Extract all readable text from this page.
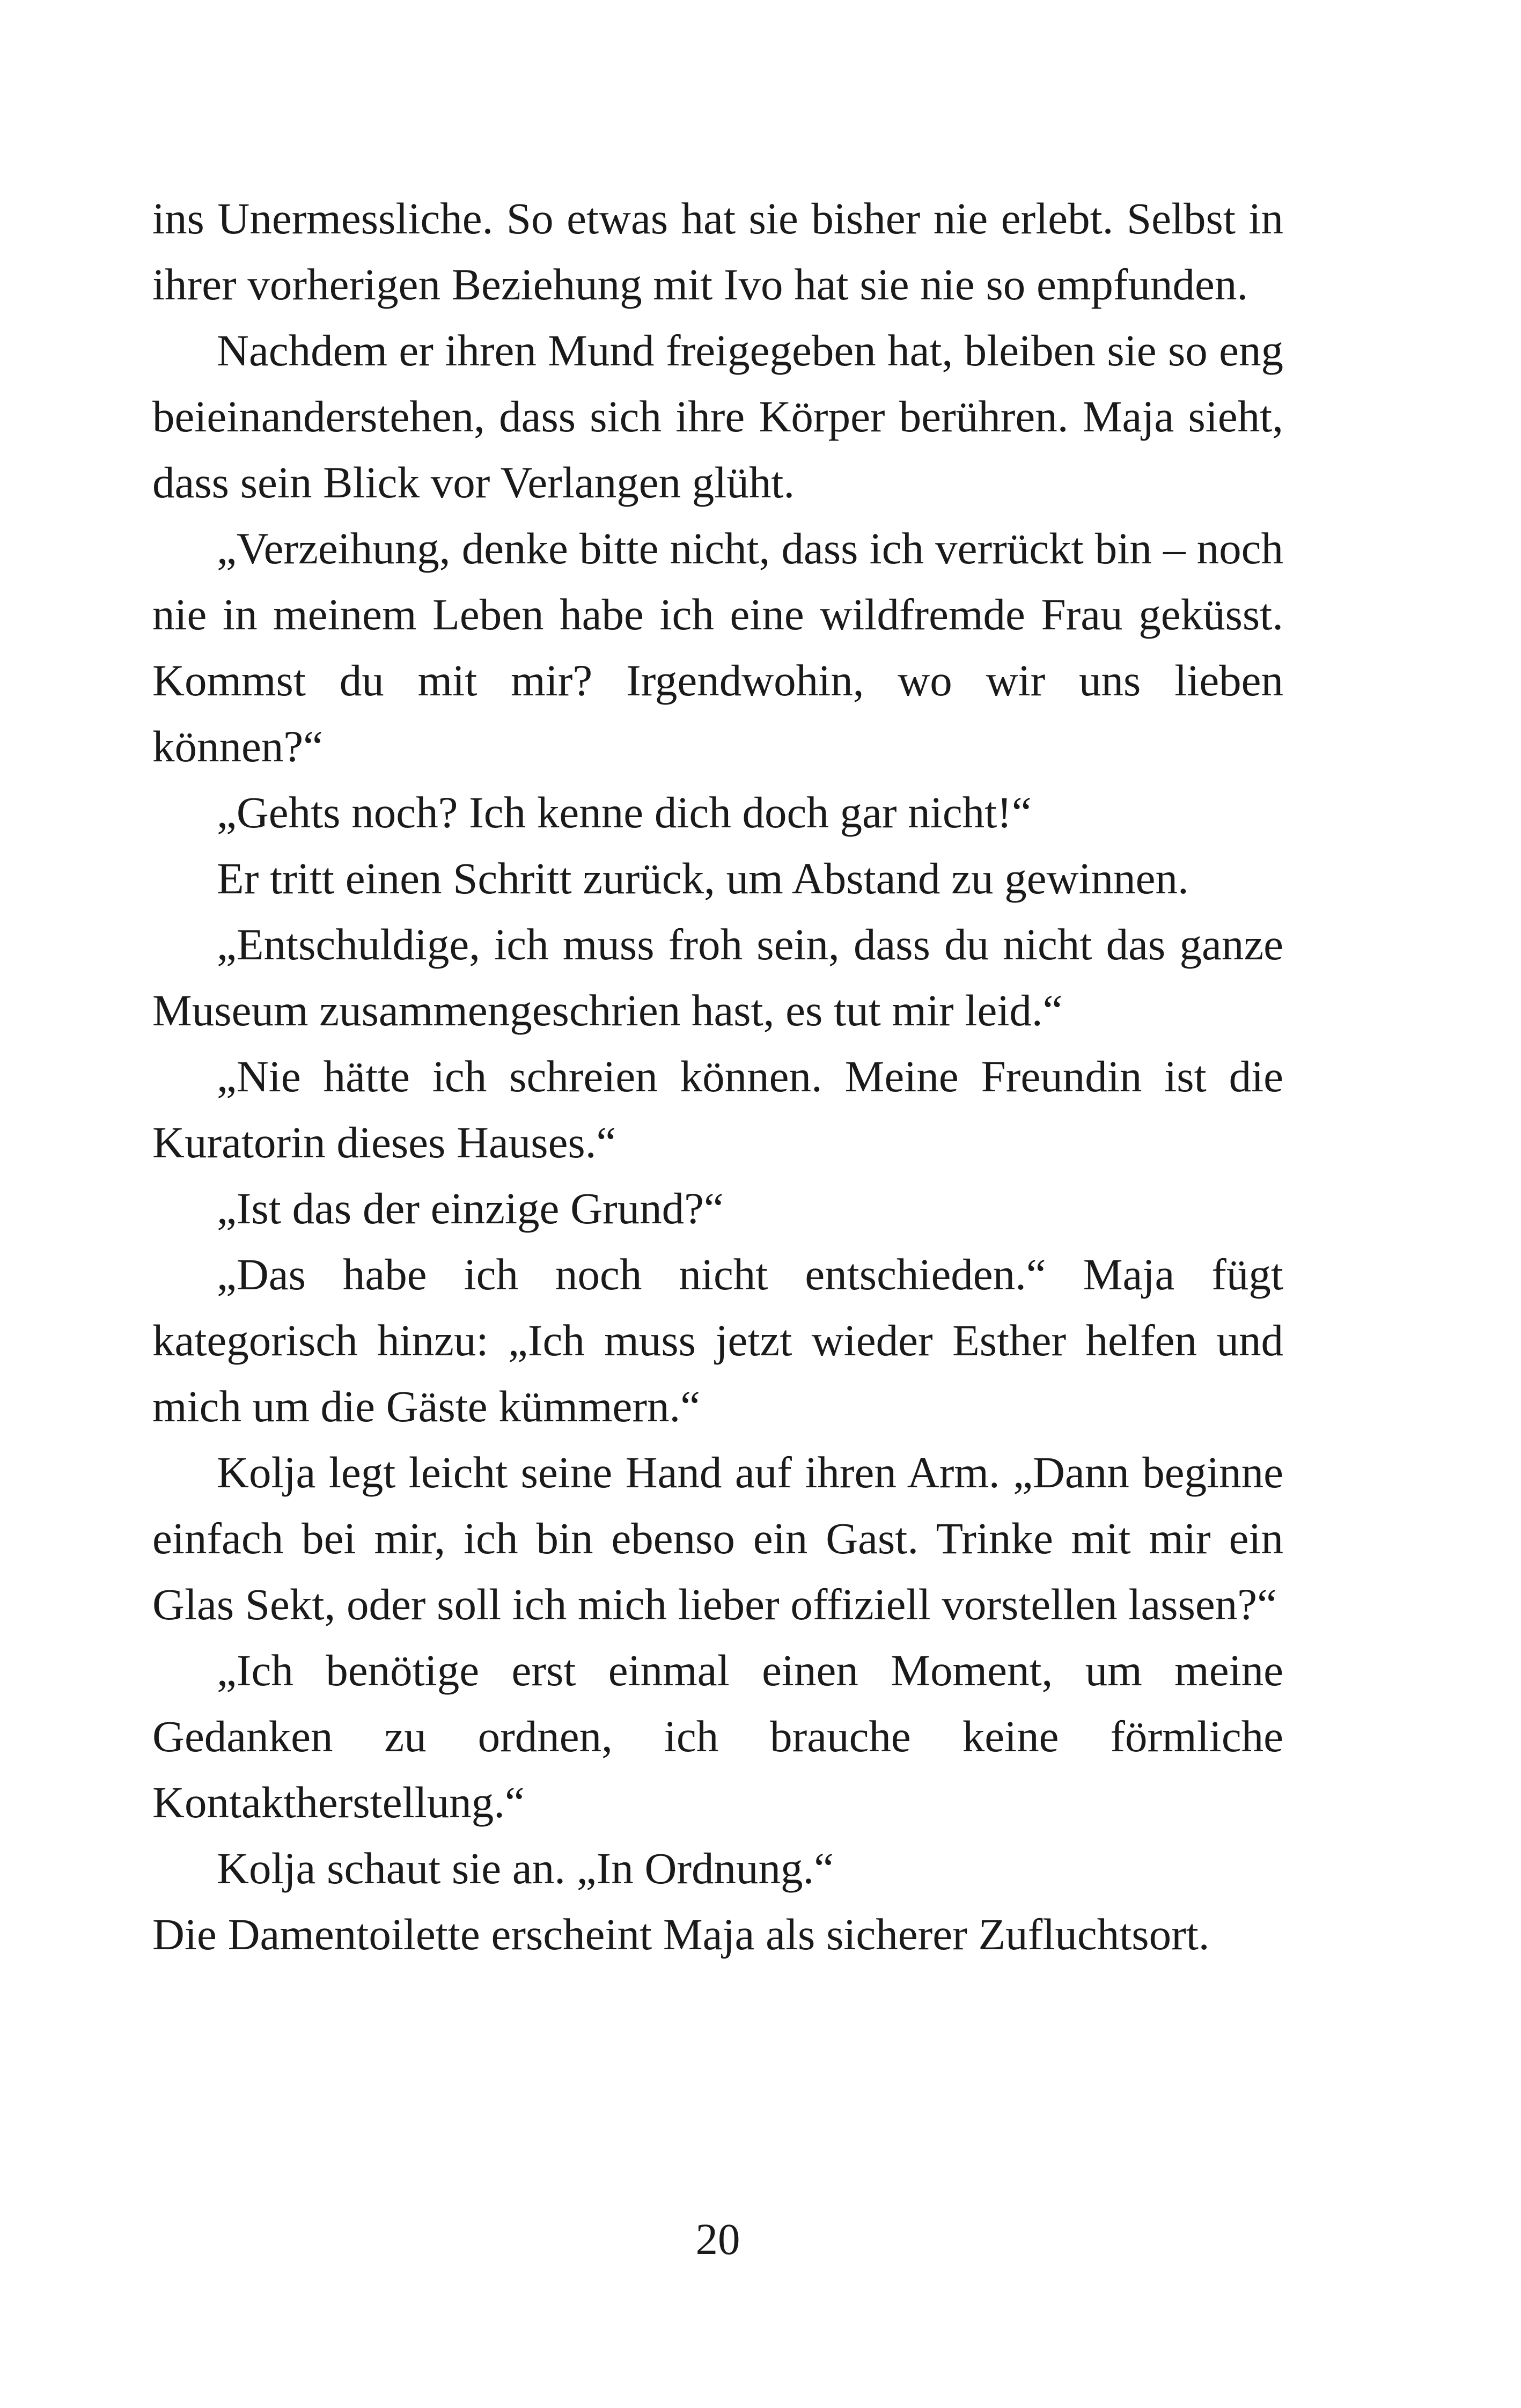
ins Unermessliche. So etwas hat sie bisher nie erlebt. Selbst in ihrer vorherigen Beziehung mit Ivo hat sie nie so empfunden.

Nachdem er ihren Mund freigegeben hat, bleiben sie so eng beieinanderstehen, dass sich ihre Körper berühren. Maja sieht, dass sein Blick vor Verlangen glüht.

„Verzeihung, denke bitte nicht, dass ich verrückt bin – noch nie in meinem Leben habe ich eine wildfremde Frau geküsst. Kommst du mit mir? Irgendwohin, wo wir uns lieben können?“

„Gehts noch? Ich kenne dich doch gar nicht!“

Er tritt einen Schritt zurück, um Abstand zu gewinnen.

„Entschuldige, ich muss froh sein, dass du nicht das ganze Museum zusammengeschrien hast, es tut mir leid.“

„Nie hätte ich schreien können. Meine Freundin ist die Kuratorin dieses Hauses.“

„Ist das der einzige Grund?“

„Das habe ich noch nicht entschieden.“ Maja fügt kategorisch hinzu: „Ich muss jetzt wieder Esther helfen und mich um die Gäste kümmern.“

Kolja legt leicht seine Hand auf ihren Arm. „Dann beginne einfach bei mir, ich bin ebenso ein Gast. Trinke mit mir ein Glas Sekt, oder soll ich mich lieber offiziell vorstellen lassen?“

„Ich benötige erst einmal einen Moment, um meine Gedanken zu ordnen, ich brauche keine förmliche Kontaktherstellung.“

Kolja schaut sie an. „In Ordnung.“

Die Damentoilette erscheint Maja als sicherer Zufluchtsort.

20
